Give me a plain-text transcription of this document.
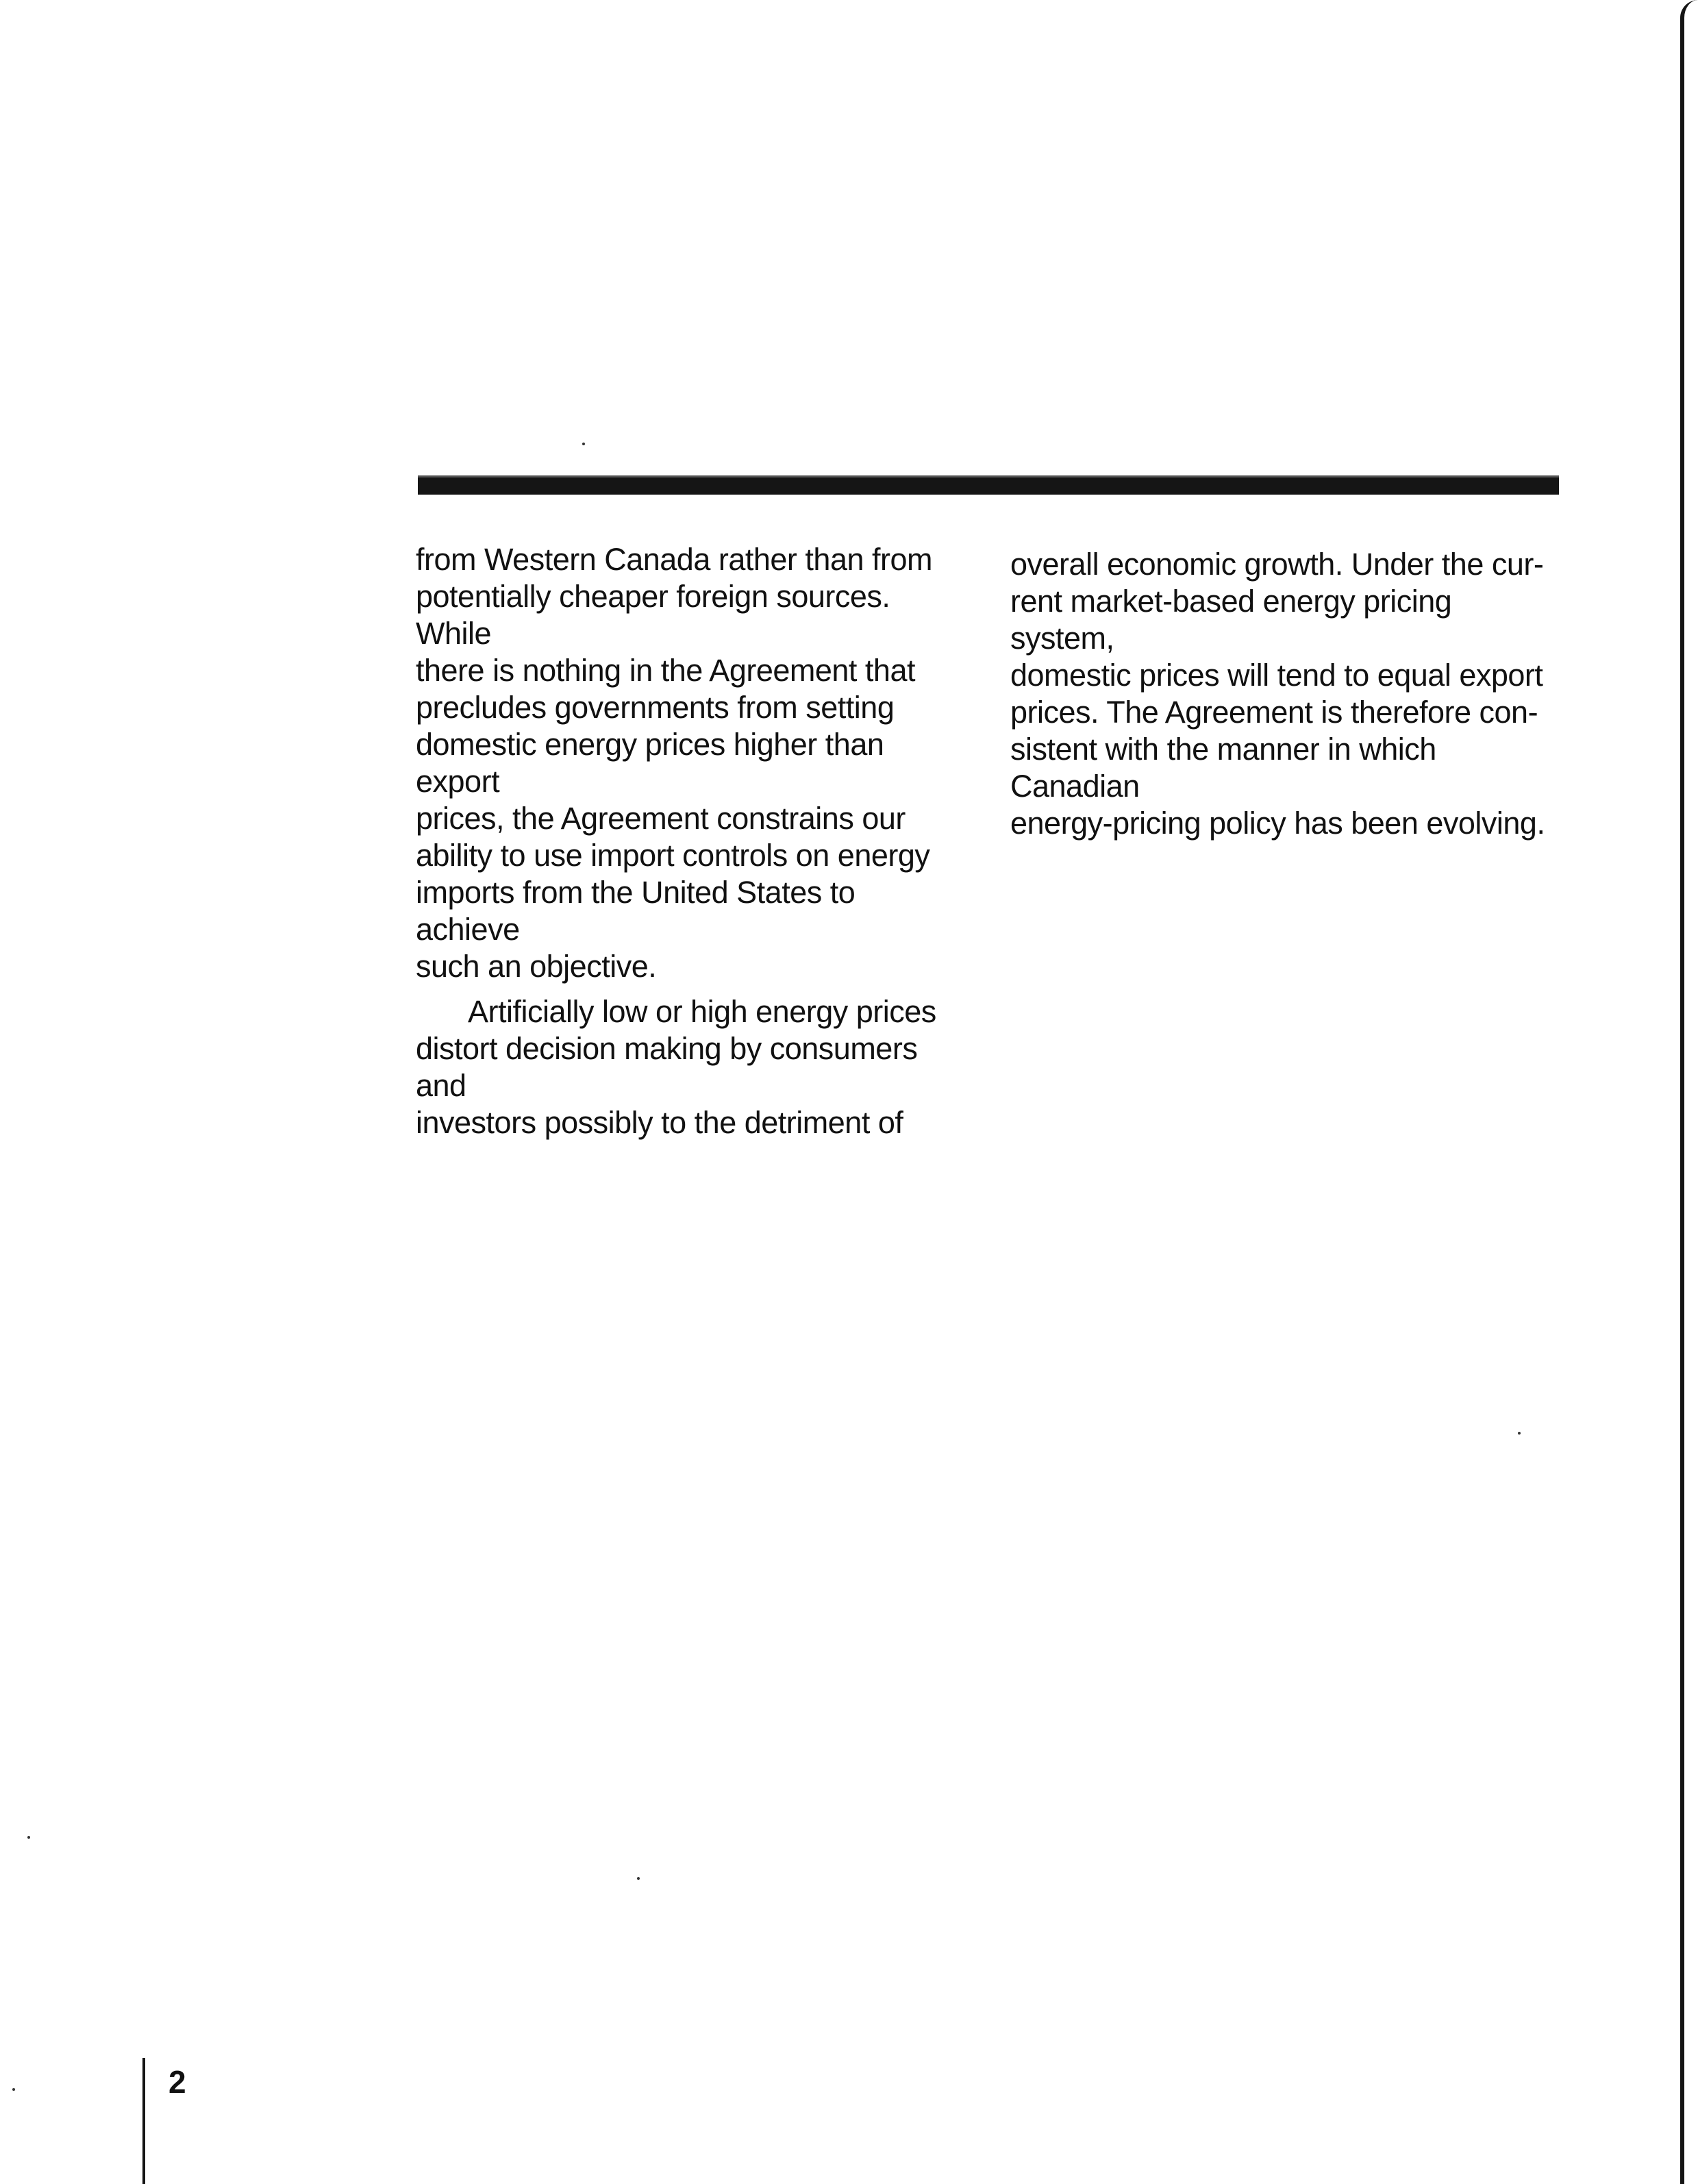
from Western Canada rather than from
potentially cheaper foreign sources. While
there is nothing in the Agreement that
precludes governments from setting
domestic energy prices higher than export
prices, the Agreement constrains our
ability to use import controls on energy
imports from the United States to achieve
such an objective.

Artificially low or high energy prices
distort decision making by consumers and
investors possibly to the detriment of

overall economic growth. Under the cur-
rent market-based energy pricing system,
domestic prices will tend to equal export
prices. The Agreement is therefore con-
sistent with the manner in which Canadian
energy-pricing policy has been evolving.

2
